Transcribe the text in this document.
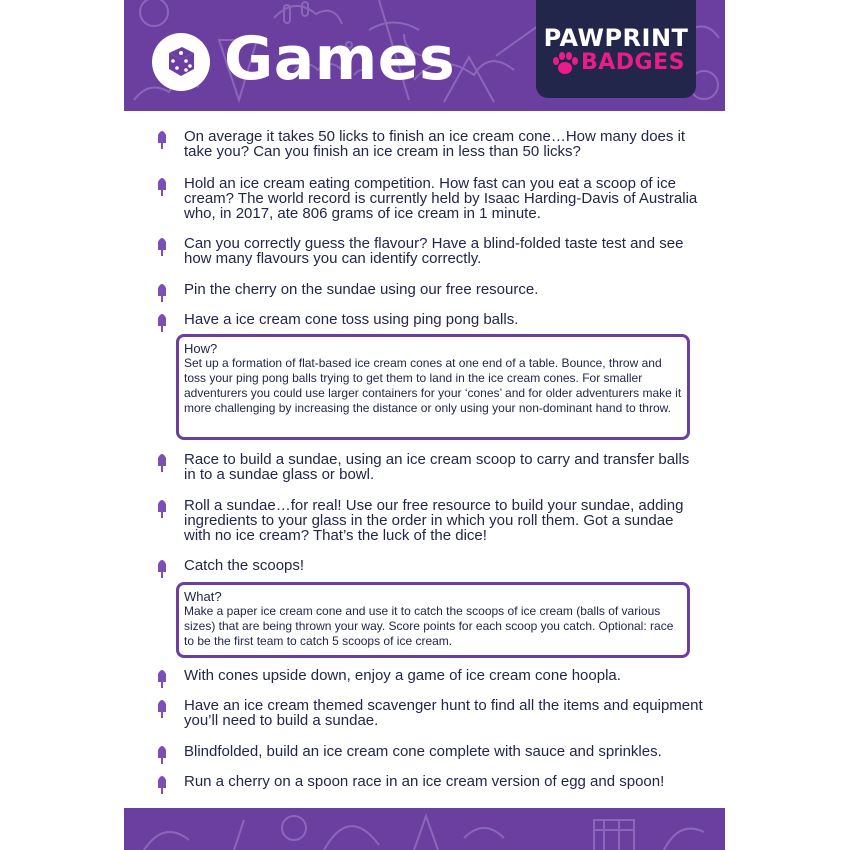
Games	PAWPRINT
BADGES
On average it takes 50 licks to finish an ice cream cone…How many does it take you? Can you finish an ice cream in less than 50 licks?
Hold an ice cream eating competition. How fast can you eat a scoop of ice cream? The world record is currently held by Isaac Harding-Davis of Australia who, in 2017, ate 806 grams of ice cream in 1 minute.
Can you correctly guess the flavour? Have a blind-folded taste test and see how many flavours you can identify correctly.
Pin the cherry on the sundae using our free resource.
Have a ice cream cone toss using ping pong balls.
How?
Set up a formation of flat-based ice cream cones at one end of a table. Bounce, throw and toss your ping pong balls trying to get them to land in the ice cream cones. For smaller adventurers you could use larger containers for your ‘cones’ and for older adventurers make it more challenging by increasing the distance or only using your non-dominant hand to throw.
Race to build a sundae, using an ice cream scoop to carry and transfer balls in to a sundae glass or bowl.
Roll a sundae…for real! Use our free resource to build your sundae, adding ingredients to your glass in the order in which you roll them. Got a sundae with no ice cream? That’s the luck of the dice!
Catch the scoops!
What?
Make a paper ice cream cone and use it to catch the scoops of ice cream (balls of various sizes) that are being thrown your way. Score points for each scoop you catch. Optional: race to be the first team to catch 5 scoops of ice cream.
With cones upside down, enjoy a game of ice cream cone hoopla.
Have an ice cream themed scavenger hunt to find all the items and equipment you’ll need to build a sundae.
Blindfolded, build an ice cream cone complete with sauce and sprinkles.
Run a cherry on a spoon race in an ice cream version of egg and spoon!
